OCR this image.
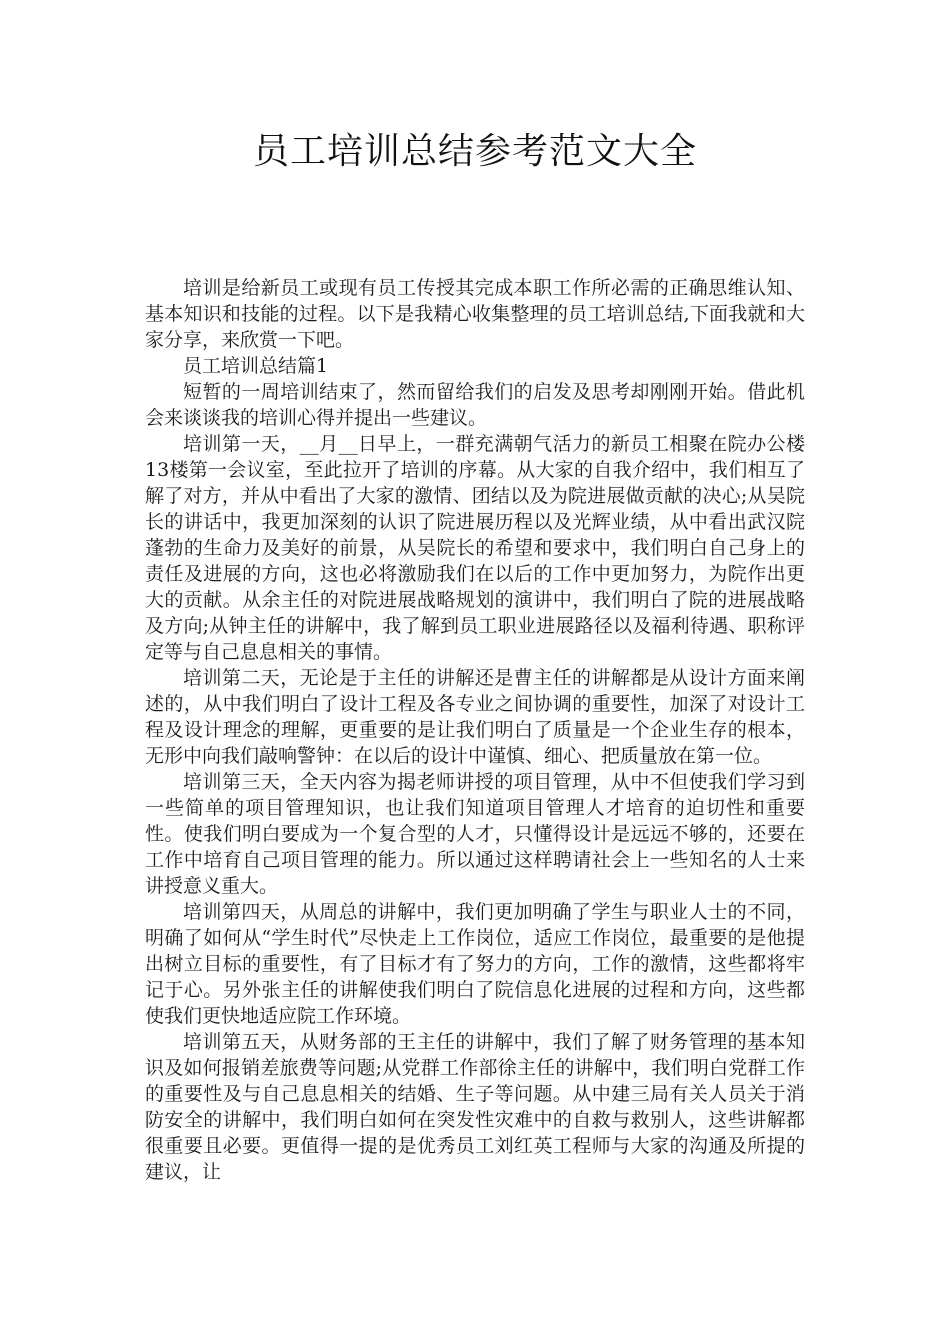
员工培训总结参考范文大全

培训是给新员工或现有员工传授其完成本职工作所必需的正确思维认知、基本知识和技能的过程。以下是我精心收集整理的员工培训总结,下面我就和大家分享，来欣赏一下吧。

员工培训总结篇1

短暂的一周培训结束了，然而留给我们的启发及思考却刚刚开始。借此机会来谈谈我的培训心得并提出一些建议。

培训第一天，__月__日早上，一群充满朝气活力的新员工相聚在院办公楼13楼第一会议室，至此拉开了培训的序幕。从大家的自我介绍中，我们相互了解了对方，并从中看出了大家的激情、团结以及为院进展做贡献的决心;从吴院长的讲话中，我更加深刻的认识了院进展历程以及光辉业绩，从中看出武汉院蓬勃的生命力及美好的前景，从吴院长的希望和要求中，我们明白自己身上的责任及进展的方向，这也必将激励我们在以后的工作中更加努力，为院作出更大的贡献。从余主任的对院进展战略规划的演讲中，我们明白了院的进展战略及方向;从钟主任的讲解中，我了解到员工职业进展路径以及福利待遇、职称评定等与自己息息相关的事情。

培训第二天，无论是于主任的讲解还是曹主任的讲解都是从设计方面来阐述的，从中我们明白了设计工程及各专业之间协调的重要性，加深了对设计工程及设计理念的理解，更重要的是让我们明白了质量是一个企业生存的根本，无形中向我们敲响警钟：在以后的设计中谨慎、细心、把质量放在第一位。

培训第三天，全天内容为揭老师讲授的项目管理，从中不但使我们学习到一些简单的项目管理知识，也让我们知道项目管理人才培育的迫切性和重要性。使我们明白要成为一个复合型的人才，只懂得设计是远远不够的，还要在工作中培育自己项目管理的能力。所以通过这样聘请社会上一些知名的人士来讲授意义重大。

培训第四天，从周总的讲解中，我们更加明确了学生与职业人士的不同，明确了如何从“学生时代”尽快走上工作岗位，适应工作岗位，最重要的是他提出树立目标的重要性，有了目标才有了努力的方向，工作的激情，这些都将牢记于心。另外张主任的讲解使我们明白了院信息化进展的过程和方向，这些都使我们更快地适应院工作环境。

培训第五天，从财务部的王主任的讲解中，我们了解了财务管理的基本知识及如何报销差旅费等问题;从党群工作部徐主任的讲解中，我们明白党群工作的重要性及与自己息息相关的结婚、生子等问题。从中建三局有关人员关于消防安全的讲解中，我们明白如何在突发性灾难中的自救与救别人，这些讲解都很重要且必要。更值得一提的是优秀员工刘红英工程师与大家的沟通及所提的建议，让
